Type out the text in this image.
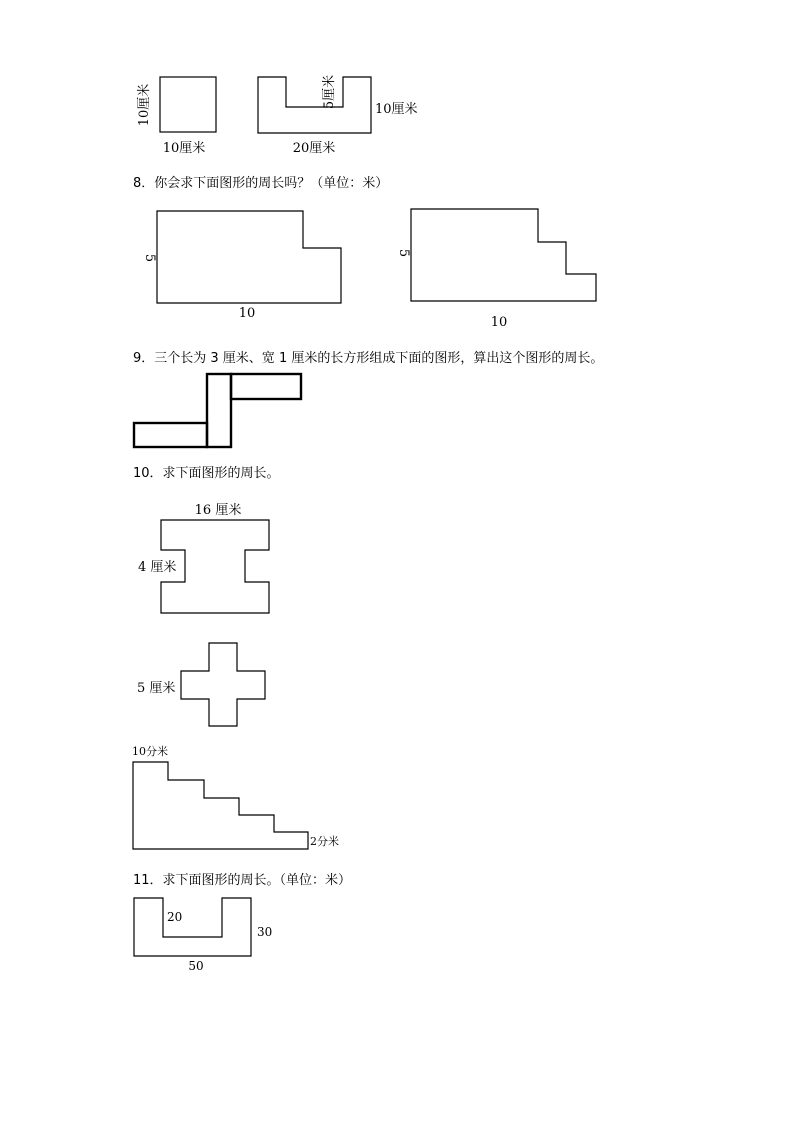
10厘米
10厘米
5厘米
10厘米
20厘米
5
10
5
10
16 厘米
4 厘米
5 厘米
10分米
2分米
20
30
50
8．你会求下面图形的周长吗？（单位：米）
9．三个长为 3 厘米、宽 1 厘米的长方形组成下面的图形，算出这个图形的周长。
10．求下面图形的周长。
11．求下面图形的周长。（单位：米）
